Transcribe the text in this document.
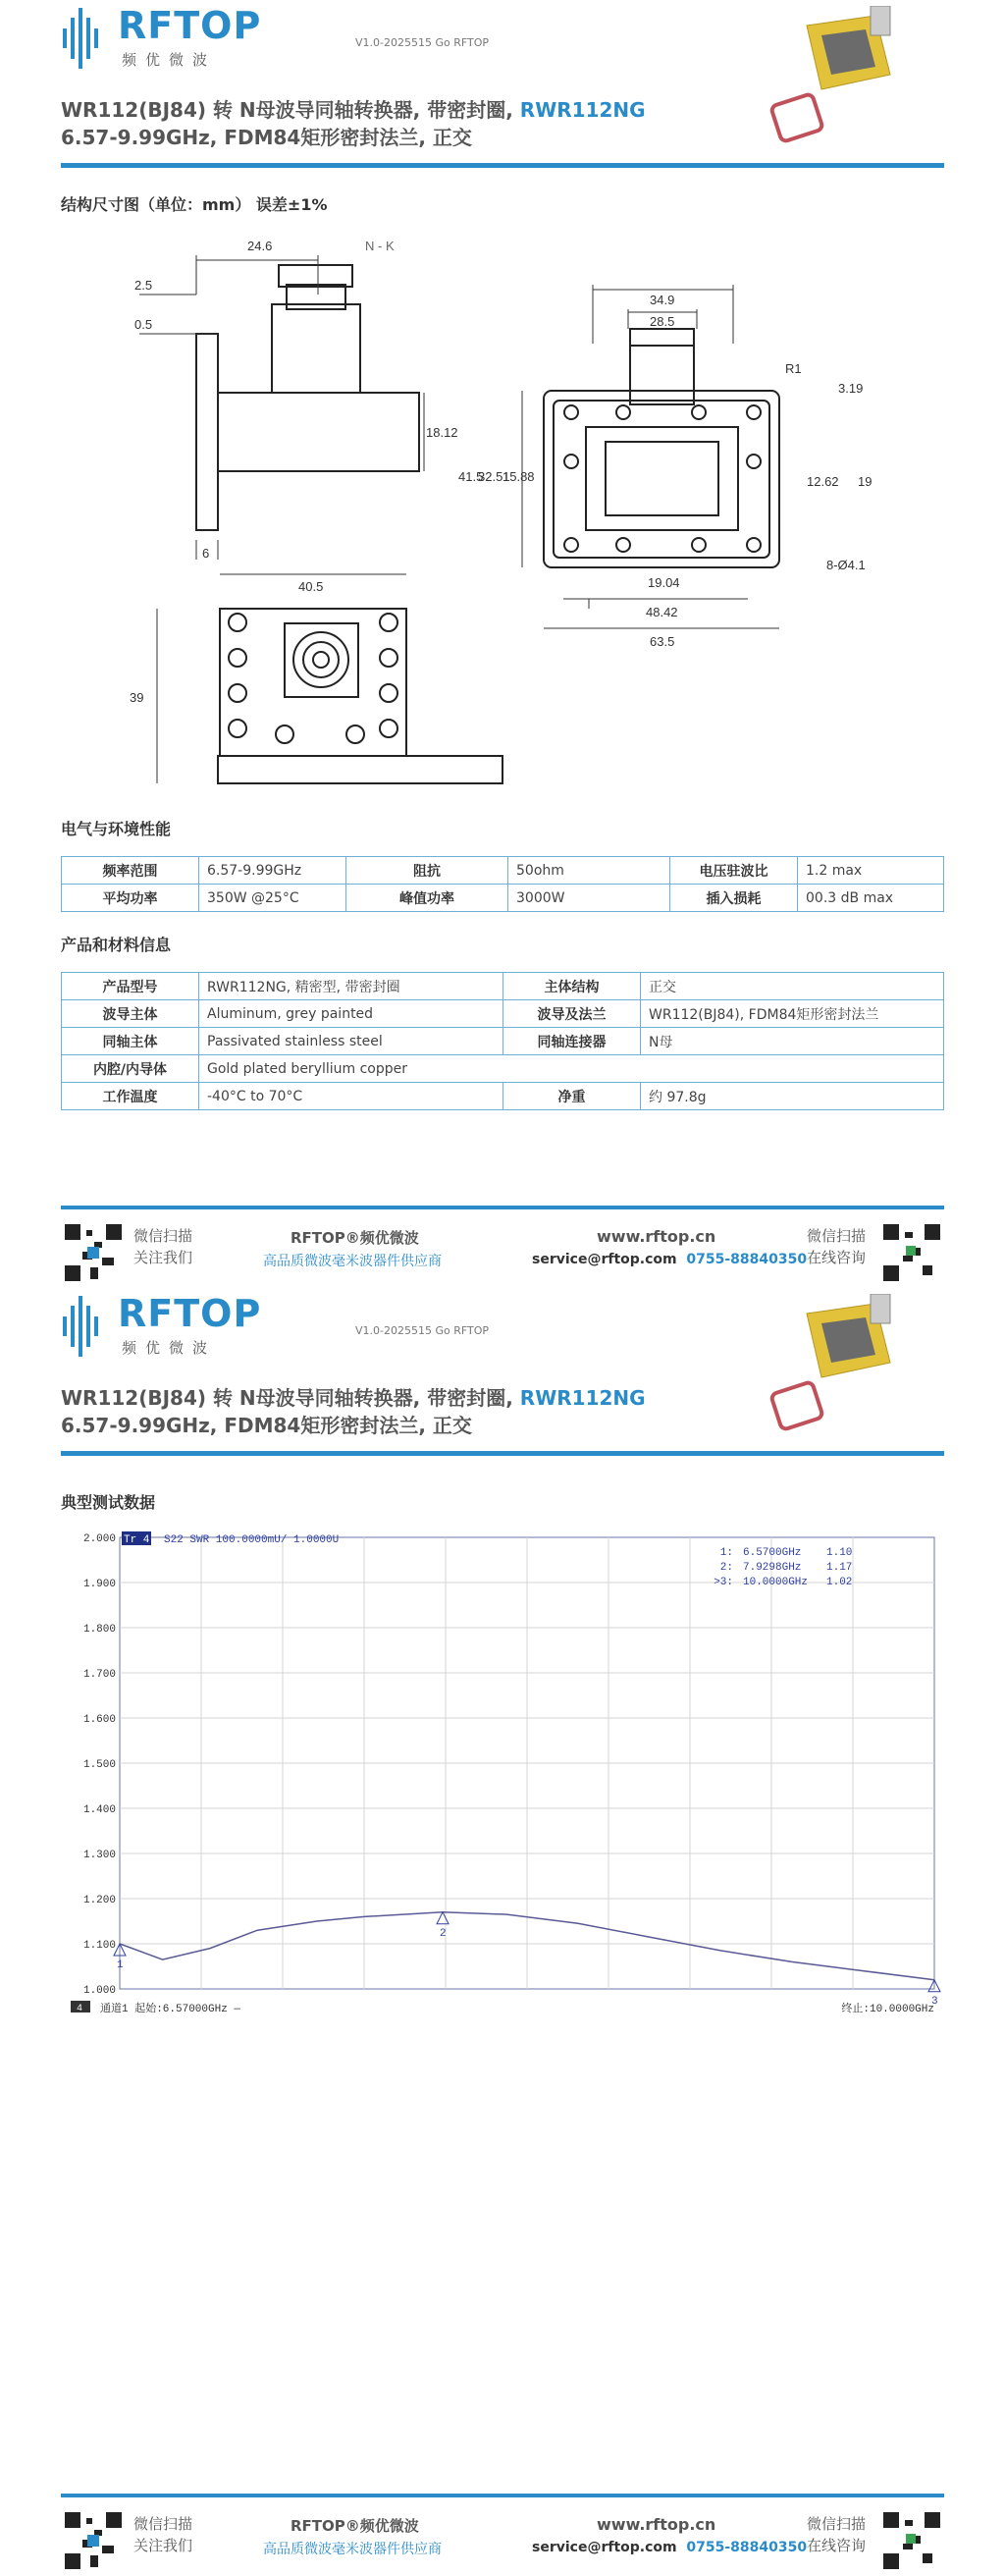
RFTOP
频优微波
V1.0-2025515 Go RFTOP
WR112(BJ84) 转 N母波导同轴转换器, 带密封圈, RWR112NG
6.57-9.99GHz, FDM84矩形密封法兰, 正交
结构尺寸图（单位：mm） 误差±1%
24.6	N - K
2.5
0.5
18.12
6
34.9
28.5
R1
3.19
41.5
32.51
15.88	12.62 19
8-Ø4.1
19.04
48.42
63.5
40.5
39
电气与环境性能
频率范围	6.57-9.99GHz	阻抗	50ohm	电压驻波比	1.2 max
平均功率	350W @25°C	峰值功率	3000W	插入损耗	00.3 dB max
产品和材料信息
产品型号	RWR112NG, 精密型, 带密封圈	主体结构	正交
波导主体	Aluminum, grey painted	波导及法兰	WR112(BJ84), FDM84矩形密封法兰
同轴主体	Passivated stainless steel	同轴连接器	N母
内腔/内导体	Gold plated beryllium copper		
工作温度	-40°C to 70°C	净重	约 97.8g
微信扫描
关注我们
RFTOP®频优微波
高品质微波毫米波器件供应商
www.rftop.cn
service@rftop.com 0755-88840350
微信扫描
在线咨询
RFTOP
频优微波
V1.0-2025515 Go RFTOP
WR112(BJ84) 转 N母波导同轴转换器, 带密封圈, RWR112NG
6.57-9.99GHz, FDM84矩形密封法兰, 正交
典型测试数据
微信扫描
关注我们
RFTOP®频优微波
高品质微波毫米波器件供应商
www.rftop.cn
service@rftop.com 0755-88840350
微信扫描
在线咨询
2.000
1.900
1.800
1.700
1.600
1.500
1.400
1.300
1.200
1.100
1.000
Tr 4 S22 SWR 100.0000mU/ 1.0000U
1
1: 6.5700GHz 1.10
2
2: 7.9298GHz 1.17
3
>3: 10.0000GHz 1.02
4 通道1 起始:6.57000GHz —	终止:10.0000GHz
